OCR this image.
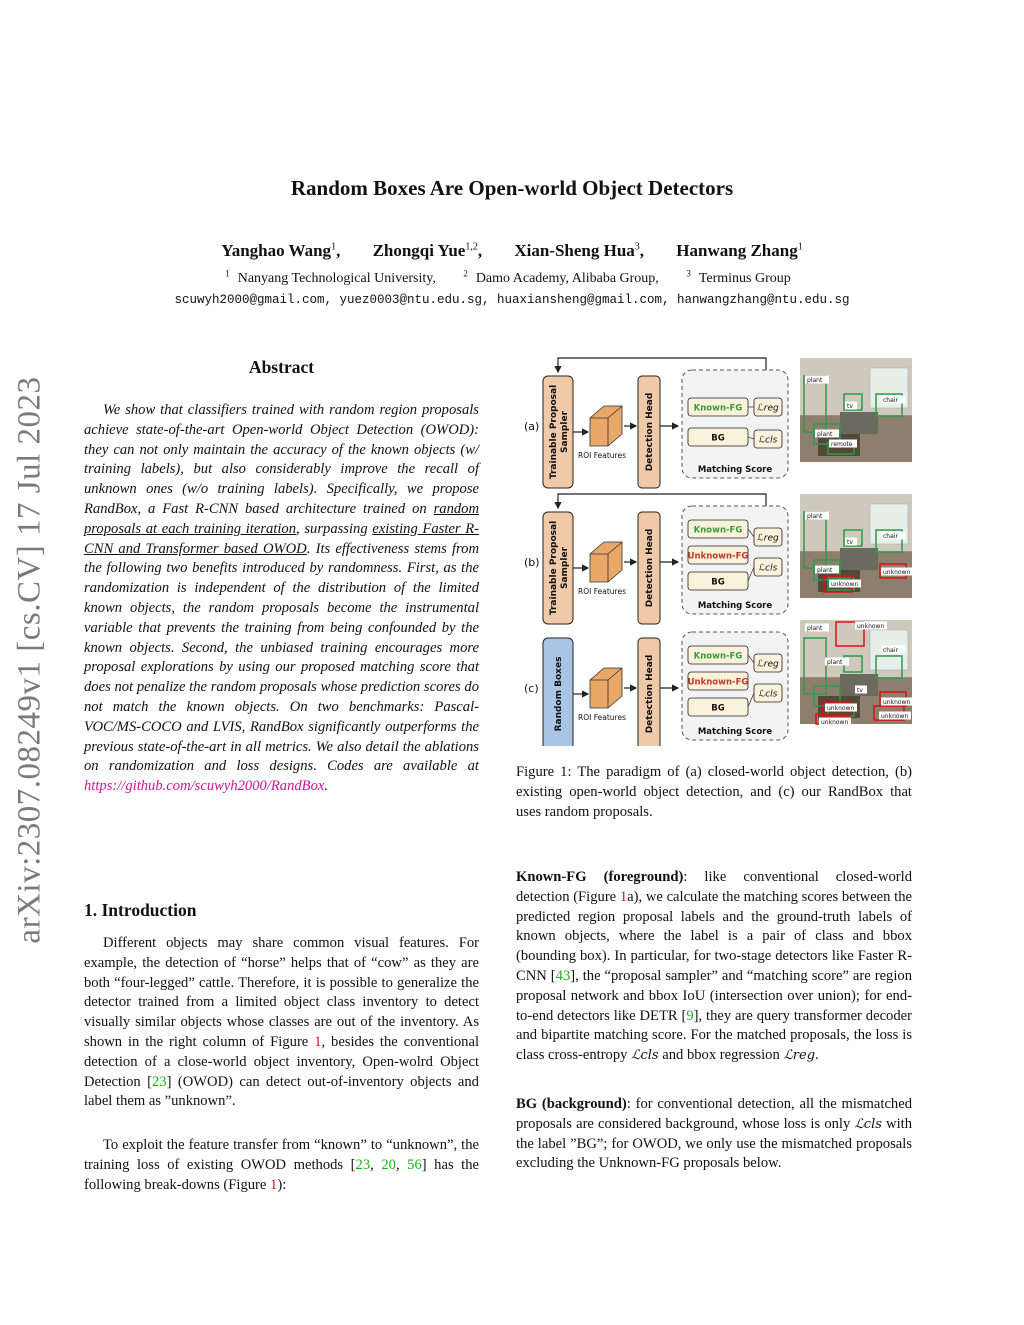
arXiv:2307.08249v1 [cs.CV] 17 Jul 2023
Random Boxes Are Open-world Object Detectors
Yanghao Wang$^1$, Zhongqi Yue$^{1,2}$, Xian-Sheng Hua$^3$, Hanwang Zhang$^1$
$^1$ Nanyang Technological University,	$^2$ Damo Academy, Alibaba Group,	$^3$ Terminus Group
scuwyh2000@gmail.com, yuez0003@ntu.edu.sg, huaxiansheng@gmail.com, hanwangzhang@ntu.edu.sg
Abstract
We show that classifiers trained with random region proposals achieve state-of-the-art Open-world Object Detection (OWOD): they can not only maintain the accuracy of the known objects (w/ training labels), but also considerably improve the recall of unknown ones (w/o training labels). Specifically, we propose RandBox, a Fast R-CNN based architecture trained on random proposals at each training iteration, surpassing existing Faster R-CNN and Transformer based OWOD. Its effectiveness stems from the following two benefits introduced by randomness. First, as the randomization is independent of the distribution of the limited known objects, the random proposals become the instrumental variable that prevents the training from being confounded by the known objects. Second, the unbiased training encourages more proposal explorations by using our proposed matching score that does not penalize the random proposals whose prediction scores do not match the known objects. On two benchmarks: Pascal-VOC/MS-COCO and LVIS, RandBox significantly outperforms the previous state-of-the-art in all metrics. We also detail the ablations on randomization and loss designs. Codes are available at https://github.com/scuwyh2000/RandBox.
1. Introduction
Different objects may share common visual features. For example, the detection of “horse” helps that of “cow” as they are both “four-legged” cattle. Therefore, it is possible to generalize the detector trained from a limited object class inventory to detect visually similar objects whose classes are out of the inventory. As shown in the right column of Figure 1, besides the conventional detection of a close-world object inventory, Open-wolrd Object Detection [23] (OWOD) can detect out-of-inventory objects and label them as ”unknown”.
To exploit the feature transfer from “known” to “unknown”, the training loss of existing OWOD methods [23, 20, 56] has the following break-downs (Figure 1):
(a) Trainable ProposalSampler
ROI Features Detection Head	Known-FG
BG
ℒreg
ℒcls
Matching Score
plant
tv
chair
plant
remote
(b) Trainable ProposalSampler
ROI Features Detection Head	Known-FG
Unknown-FG
BG
ℒreg
ℒcls
Matching Score
plant
tv
chair
plant	unknown
unknown
(c) Random Boxes ROI Features Detection Head	Known-FG
Unknown-FG
BG
ℒreg
ℒcls
Matching Score
plant	unknown
chair
plant
tv
unknown
unknown
unknown
unknown
Figure 1: The paradigm of (a) closed-world object detection, (b) existing open-world object detection, and (c) our RandBox that uses random proposals.
Known-FG (foreground): like conventional closed-world detection (Figure 1a), we calculate the matching scores between the predicted region proposal labels and the ground-truth labels of known objects, where the label is a pair of class and bbox (bounding box). In particular, for two-stage detectors like Faster R-CNN [43], the “proposal sampler” and “matching score” are region proposal network and bbox IoU (intersection over union); for end-to-end detectors like DETR [9], they are query transformer decoder and bipartite matching score. For the matched proposals, the loss is class cross-entropy ℒcls and bbox regression ℒreg.
BG (background): for conventional detection, all the mismatched proposals are considered background, whose loss is only ℒcls with the label ”BG”; for OWOD, we only use the mismatched proposals excluding the Unknown-FG proposals below.
